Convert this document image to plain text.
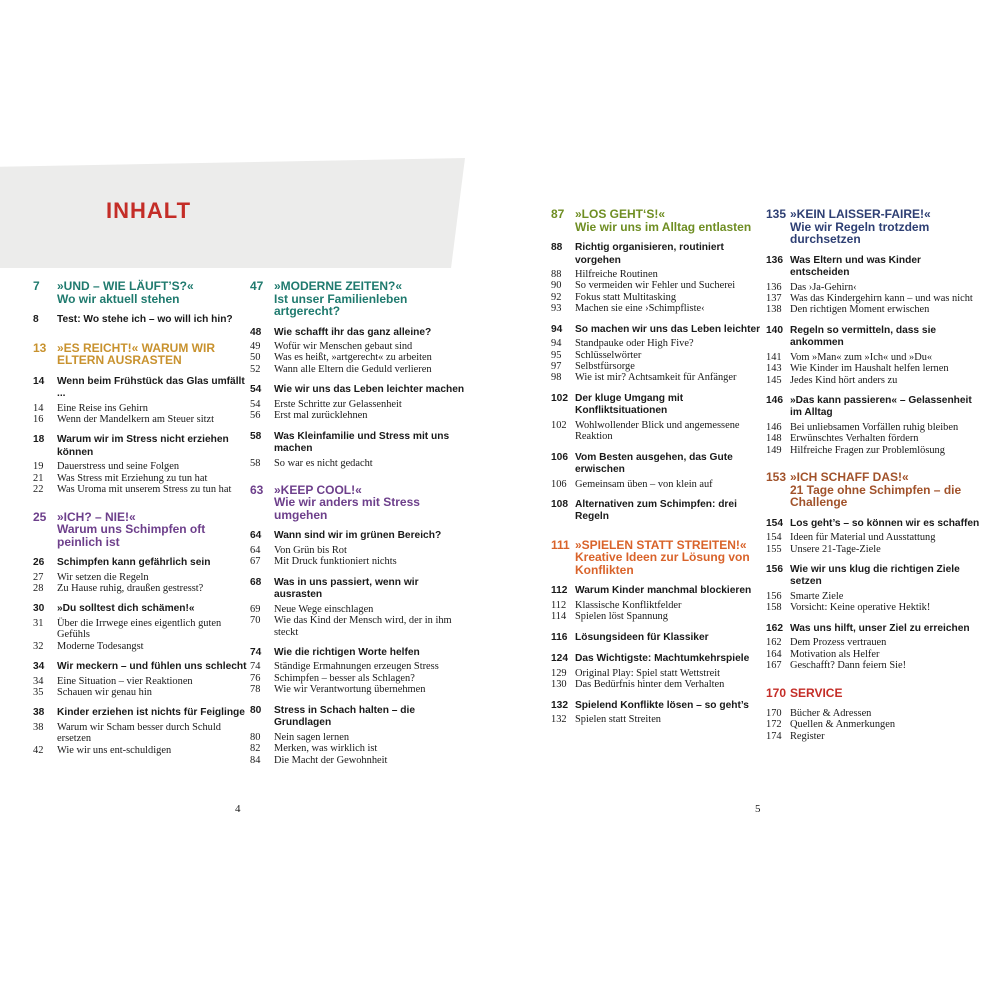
INHALT
7	»UND – WIE LÄUFT’S?«
Wo wir aktuell stehen
8	Test: Wo stehe ich – wo will ich hin?
13 »ES REICHT!« WARUM WIR ELTERN AUSRASTEN
14	Wenn beim Frühstück das Glas umfällt ...
14	Eine Reise ins Gehirn
16	Wenn der Mandelkern am Steuer sitzt
18	Warum wir im Stress nicht erziehen können
19	Dauerstress und seine Folgen
21	Was Stress mit Erziehung zu tun hat
22	Was Uroma mit unserem Stress zu tun hat
25 »ICH? – NIE!«
Warum uns Schimpfen oft peinlich ist
26	Schimpfen kann gefährlich sein
27	Wir setzen die Regeln
28	Zu Hause ruhig, draußen gestresst?
30	»Du solltest dich schämen!«
31	Über die Irrwege eines eigentlich guten Gefühls
32	Moderne Todesangst
34	Wir meckern – und fühlen uns schlecht
34	Eine Situation – vier Reaktionen
35	Schauen wir genau hin
38	Kinder erziehen ist nichts für Feiglinge
38	Warum wir Scham besser durch Schuld ersetzen
42	Wie wir uns ent-schuldigen
47 »MODERNE ZEITEN?«
Ist unser Familienleben artgerecht?
48	Wie schafft ihr das ganz alleine?
49	Wofür wir Menschen gebaut sind
50	Was es heißt, »artgerecht« zu arbeiten
52	Wann alle Eltern die Geduld verlieren
54	Wie wir uns das Leben leichter machen
54	Erste Schritte zur Gelassenheit
56	Erst mal zurücklehnen
58	Was Kleinfamilie und Stress mit uns machen
58	So war es nicht gedacht
63 »KEEP COOL!«
Wie wir anders mit Stress umgehen
64	Wann sind wir im grünen Bereich?
64	Von Grün bis Rot
67	Mit Druck funktioniert nichts
68	Was in uns passiert, wenn wir ausrasten
69	Neue Wege einschlagen
70	Wie das Kind der Mensch wird, der in ihm steckt
74	Wie die richtigen Worte helfen
74	Ständige Ermahnungen erzeugen Stress
76	Schimpfen – besser als Schlagen?
78	Wie wir Verantwortung übernehmen
80	Stress in Schach halten – die Grundlagen
80	Nein sagen lernen
82	Merken, was wirklich ist
84	Die Macht der Gewohnheit
87 »LOS GEHT‘S!«
Wie wir uns im Alltag entlasten
88	Richtig organisieren, routiniert vorgehen
88	Hilfreiche Routinen
90	So vermeiden wir Fehler und Sucherei
92	Fokus statt Multitasking
93	Machen sie eine ›Schimpfliste‹
94	So machen wir uns das Leben leichter
94	Standpauke oder High Five?
95	Schlüsselwörter
97	Selbstfürsorge
98	Wie ist mir? Achtsamkeit für Anfänger
102 Der kluge Umgang mit Konfliktsituationen
102 Wohlwollender Blick und angemessene Reaktion
106 Vom Besten ausgehen, das Gute erwischen
106 Gemeinsam üben – von klein auf
108 Alternativen zum Schimpfen: drei Regeln
111 »SPIELEN STATT STREITEN!«
Kreative Ideen zur Lösung von Konflikten
112 Warum Kinder manchmal blockieren
112 Klassische Konfliktfelder
114 Spielen löst Spannung
116 Lösungsideen für Klassiker
124 Das Wichtigste: Machtumkehrspiele
129 Original Play: Spiel statt Wettstreit
130 Das Bedürfnis hinter dem Verhalten
132 Spielend Konflikte lösen – so geht’s
132 Spielen statt Streiten
135 »KEIN LAISSER-FAIRE!«
Wie wir Regeln trotzdem durchsetzen
136 Was Eltern und was Kinder entscheiden
136 Das ›Ja-Gehirn‹
137 Was das Kindergehirn kann – und was nicht
138 Den richtigen Moment erwischen
140 Regeln so vermitteln, dass sie ankommen
141 Vom »Man« zum »Ich« und »Du«
143 Wie Kinder im Haushalt helfen lernen
145 Jedes Kind hört anders zu
146 »Das kann passieren« – Gelassenheit im Alltag
146 Bei unliebsamen Vorfällen ruhig bleiben
148 Erwünschtes Verhalten fördern
149 Hilfreiche Fragen zur Problemlösung
153 »ICH SCHAFF DAS!«
21 Tage ohne Schimpfen – die Challenge
154 Los geht’s – so können wir es schaffen
154 Ideen für Material und Ausstattung
155 Unsere 21-Tage-Ziele
156 Wie wir uns klug die richtigen Ziele setzen
156 Smarte Ziele
158 Vorsicht: Keine operative Hektik!
162 Was uns hilft, unser Ziel zu erreichen
162 Dem Prozess vertrauen
164 Motivation als Helfer
167 Geschafft? Dann feiern Sie!
170 SERVICE
170 Bücher & Adressen
172 Quellen & Anmerkungen
174 Register
4	5
